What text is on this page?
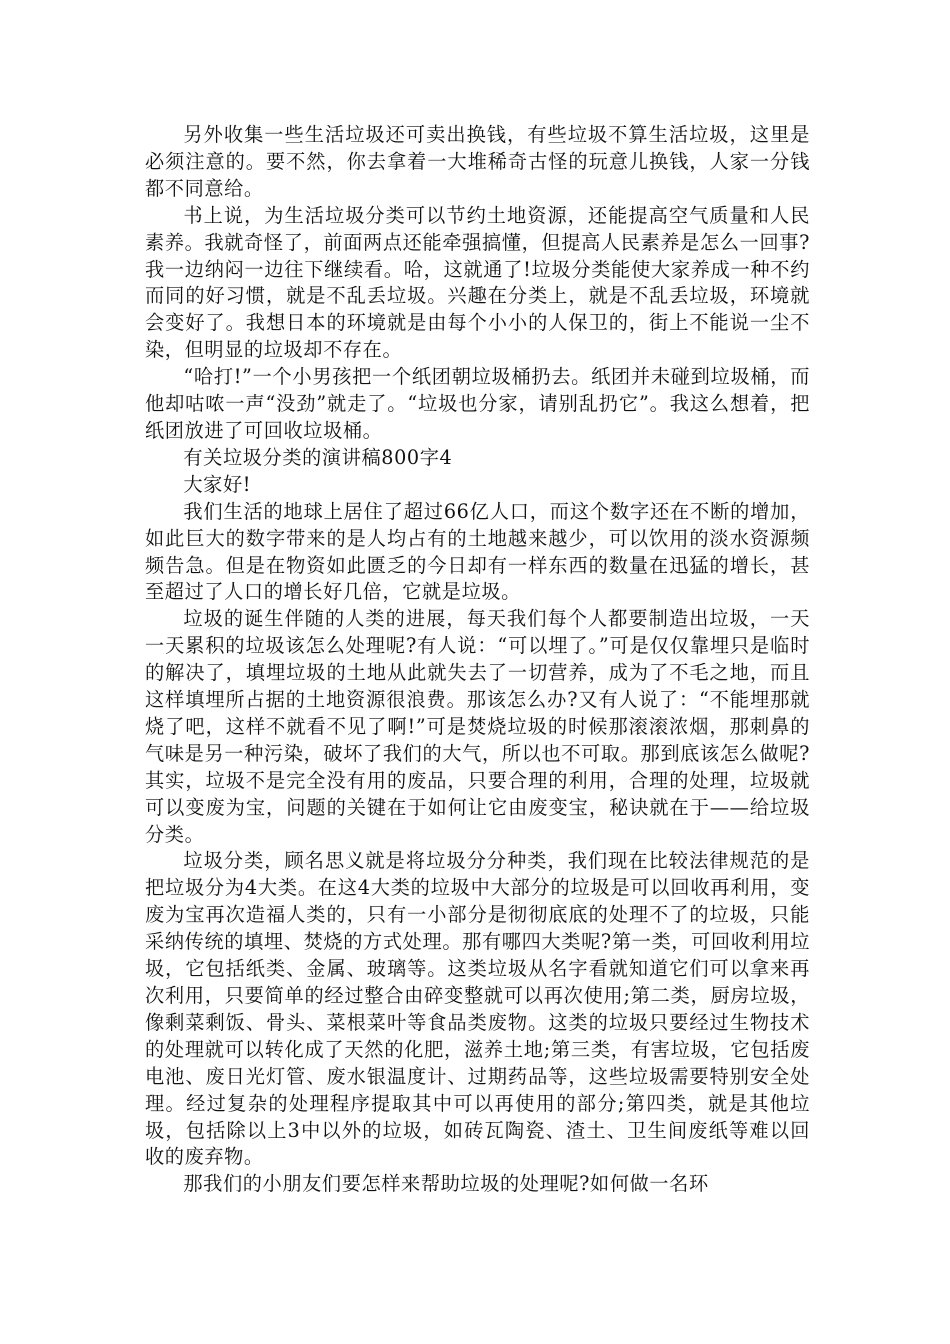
另外收集一些生活垃圾还可卖出换钱，有些垃圾不算生活垃圾，这里是必须注意的。要不然，你去拿着一大堆稀奇古怪的玩意儿换钱，人家一分钱都不同意给。

书上说，为生活垃圾分类可以节约土地资源，还能提高空气质量和人民素养。我就奇怪了，前面两点还能牵强搞懂，但提高人民素养是怎么一回事?我一边纳闷一边往下继续看。哈，这就通了!垃圾分类能使大家养成一种不约而同的好习惯，就是不乱丢垃圾。兴趣在分类上，就是不乱丢垃圾，环境就会变好了。我想日本的环境就是由每个小小的人保卫的，街上不能说一尘不染，但明显的垃圾却不存在。

“哈打!”一个小男孩把一个纸团朝垃圾桶扔去。纸团并未碰到垃圾桶，而他却咕哝一声“没劲”就走了。“垃圾也分家，请别乱扔它”。我这么想着，把纸团放进了可回收垃圾桶。

有关垃圾分类的演讲稿800字4

大家好!

我们生活的地球上居住了超过66亿人口，而这个数字还在不断的增加，如此巨大的数字带来的是人均占有的土地越来越少，可以饮用的淡水资源频频告急。但是在物资如此匮乏的今日却有一样东西的数量在迅猛的增长，甚至超过了人口的增长好几倍，它就是垃圾。

垃圾的诞生伴随的人类的进展，每天我们每个人都要制造出垃圾，一天一天累积的垃圾该怎么处理呢?有人说：“可以埋了。”可是仅仅靠埋只是临时的解决了，填埋垃圾的土地从此就失去了一切营养，成为了不毛之地，而且这样填埋所占据的土地资源很浪费。那该怎么办?又有人说了：“不能埋那就烧了吧，这样不就看不见了啊!”可是焚烧垃圾的时候那滚滚浓烟，那刺鼻的气味是另一种污染，破坏了我们的大气，所以也不可取。那到底该怎么做呢?其实，垃圾不是完全没有用的废品，只要合理的利用，合理的处理，垃圾就可以变废为宝，问题的关键在于如何让它由废变宝，秘诀就在于——给垃圾分类。

垃圾分类，顾名思义就是将垃圾分分种类，我们现在比较法律规范的是把垃圾分为4大类。在这4大类的垃圾中大部分的垃圾是可以回收再利用，变废为宝再次造福人类的，只有一小部分是彻彻底底的处理不了的垃圾，只能采纳传统的填埋、焚烧的方式处理。那有哪四大类呢?第一类，可回收利用垃圾，它包括纸类、金属、玻璃等。这类垃圾从名字看就知道它们可以拿来再次利用，只要简单的经过整合由碎变整就可以再次使用;第二类，厨房垃圾，像剩菜剩饭、骨头、菜根菜叶等食品类废物。这类的垃圾只要经过生物技术的处理就可以转化成了天然的化肥，滋养土地;第三类，有害垃圾，它包括废电池、废日光灯管、废水银温度计、过期药品等，这些垃圾需要特别安全处理。经过复杂的处理程序提取其中可以再使用的部分;第四类，就是其他垃圾，包括除以上3中以外的垃圾，如砖瓦陶瓷、渣土、卫生间废纸等难以回收的废弃物。

那我们的小朋友们要怎样来帮助垃圾的处理呢?如何做一名环
